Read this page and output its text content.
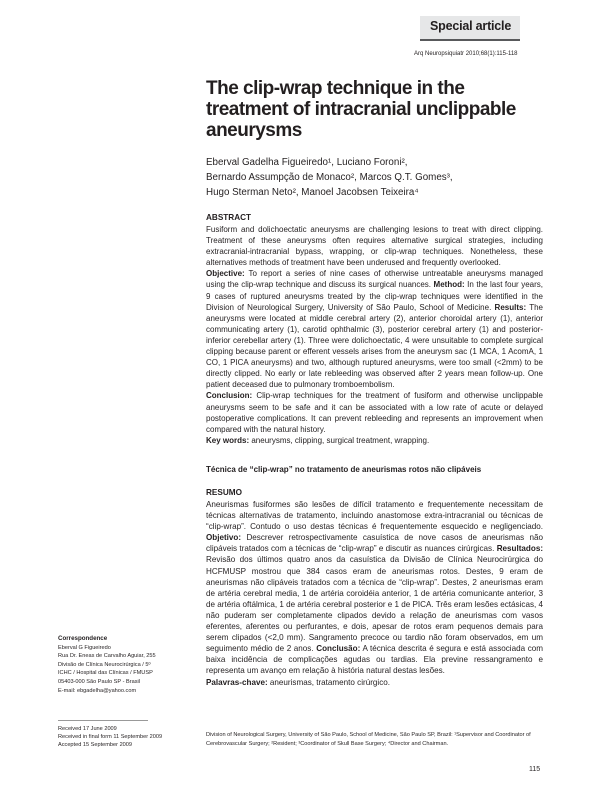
Special article
Arq Neuropsiquiatr 2010;68(1):115-118
The clip-wrap technique in the treatment of intracranial unclippable aneurysms
Eberval Gadelha Figueiredo¹, Luciano Foroni²,
Bernardo Assumpção de Monaco², Marcos Q.T. Gomes³,
Hugo Sterman Neto², Manoel Jacobsen Teixeira⁴
ABSTRACT
Fusiform and dolichoectatic aneurysms are challenging lesions to treat with direct clipping. Treatment of these aneurysms often requires alternative surgical strategies, including extracranial-intracranial bypass, wrapping, or clip-wrap techniques. Nonetheless, these alternatives methods of treatment have been underused and frequently overlooked.
Objective: To report a series of nine cases of otherwise untreatable aneurysms managed using the clip-wrap technique and discuss its surgical nuances. Method: In the last four years, 9 cases of ruptured aneurysms treated by the clip-wrap techniques were identified in the Division of Neurological Surgery, University of São Paulo, School of Medicine. Results: The aneurysms were located at middle cerebral artery (2), anterior choroidal artery (1), anterior communicating artery (1), carotid ophthalmic (3), posterior cerebral artery (1) and posterior-inferior cerebellar artery (1). Three were dolichoectatic, 4 were unsuitable to complete surgical clipping because parent or efferent vessels arises from the aneurysm sac (1 MCA, 1 AcomA, 1 CO, 1 PICA aneurysms) and two, although ruptured aneurysms, were too small (<2mm) to be directly clipped. No early or late rebleeding was observed after 2 years mean follow-up. One patient deceased due to pulmonary tromboembolism.
Conclusion: Clip-wrap techniques for the treatment of fusiform and otherwise unclippable aneurysms seem to be safe and it can be associated with a low rate of acute or delayed postoperative complications. It can prevent rebleeding and represents an improvement when compared with the natural history.
Key words: aneurysms, clipping, surgical treatment, wrapping.
Técnica de “clip-wrap” no tratamento de aneurismas rotos não clipáveis
RESUMO
Aneurismas fusiformes são lesões de difícil tratamento e frequentemente necessitam de técnicas alternativas de tratamento, incluindo anastomose extra-intracranial ou técnicas de “clip-wrap”. Contudo o uso destas técnicas é frequentemente esquecido e negligenciado. Objetivo: Descrever retrospectivamente casuística de nove casos de aneurismas não clipáveis tratados com a técnicas de “clip-wrap” e discutir as nuances cirúrgicas. Resultados: Revisão dos últimos quatro anos da casuística da Divisão de Clínica Neurocirúrgica do HCFMUSP mostrou que 384 casos eram de aneurismas rotos. Destes, 9 eram de aneurismas não clipáveis tratados com a técnica de “clip-wrap”. Destes, 2 aneurismas eram de artéria cerebral media, 1 de artéria coroidéia anterior, 1 de artéria comunicante anterior, 3 de artéria oftálmica, 1 de artéria cerebral posterior e 1 de PICA. Três eram lesões ectásicas, 4 não puderam ser completamente clipados devido a relação de aneurismas com vasos eferentes, aferentes ou perfurantes, e dois, apesar de rotos eram pequenos demais para serem clipados (<2,0 mm). Sangramento precoce ou tardio não foram observados, em um seguimento médio de 2 anos. Conclusão: A técnica descrita é segura e está associada com baixa incidência de complicações agudas ou tardias. Ela previne ressangramento e representa um avanço em relação à história natural destas lesões.
Palavras-chave: aneurismas, tratamento cirúrgico.
Correspondence
Eberval G Figueiredo
Rua Dr. Eneas de Carvalho Aguiar, 255
Divisão de Clínica Neurocirúrgica / 5º
ICHC / Hospital das Clínicas / FMUSP
05403-000 São Paulo SP - Brasil
E-mail: ebgadelha@yahoo.com
Received 17 June 2009
Received in final form 11 September 2009
Accepted 15 September 2009
Division of Neurological Surgery, University of São Paulo, School of Medicine, São Paulo SP, Brazil: ¹Supervisor and Coordinator of Cerebrovascular Surgery; ²Resident; ³Coordinator of Skull Base Surgery; ⁴Director and Chairman.
115
